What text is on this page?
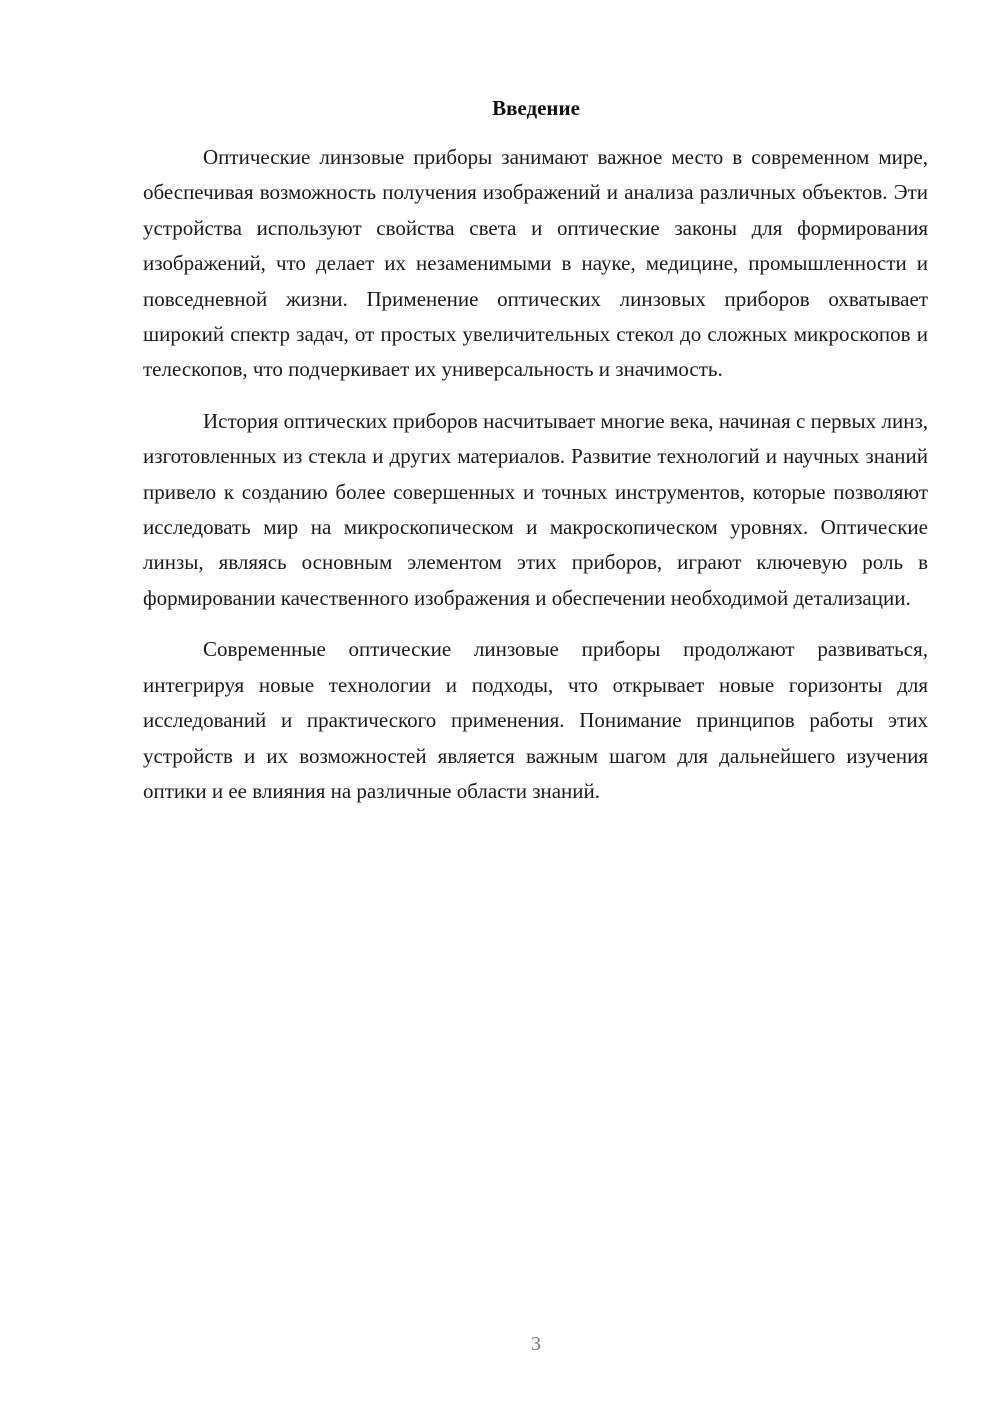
Введение

Оптические линзовые приборы занимают важное место в современном мире, обеспечивая возможность получения изображений и анализа различных объектов. Эти устройства используют свойства света и оптические законы для формирования изображений, что делает их незаменимыми в науке, медицине, промышленности и повседневной жизни. Применение оптических линзовых приборов охватывает широкий спектр задач, от простых увеличительных стекол до сложных микроскопов и телескопов, что подчеркивает их универсальность и значимость.

История оптических приборов насчитывает многие века, начиная с первых линз, изготовленных из стекла и других материалов. Развитие технологий и научных знаний привело к созданию более совершенных и точных инструментов, которые позволяют исследовать мир на микроскопическом и макроскопическом уровнях. Оптические линзы, являясь основным элементом этих приборов, играют ключевую роль в формировании качественного изображения и обеспечении необходимой детализации.

Современные оптические линзовые приборы продолжают развиваться, интегрируя новые технологии и подходы, что открывает новые горизонты для исследований и практического применения. Понимание принципов работы этих устройств и их возможностей является важным шагом для дальнейшего изучения оптики и ее влияния на различные области знаний.

3
